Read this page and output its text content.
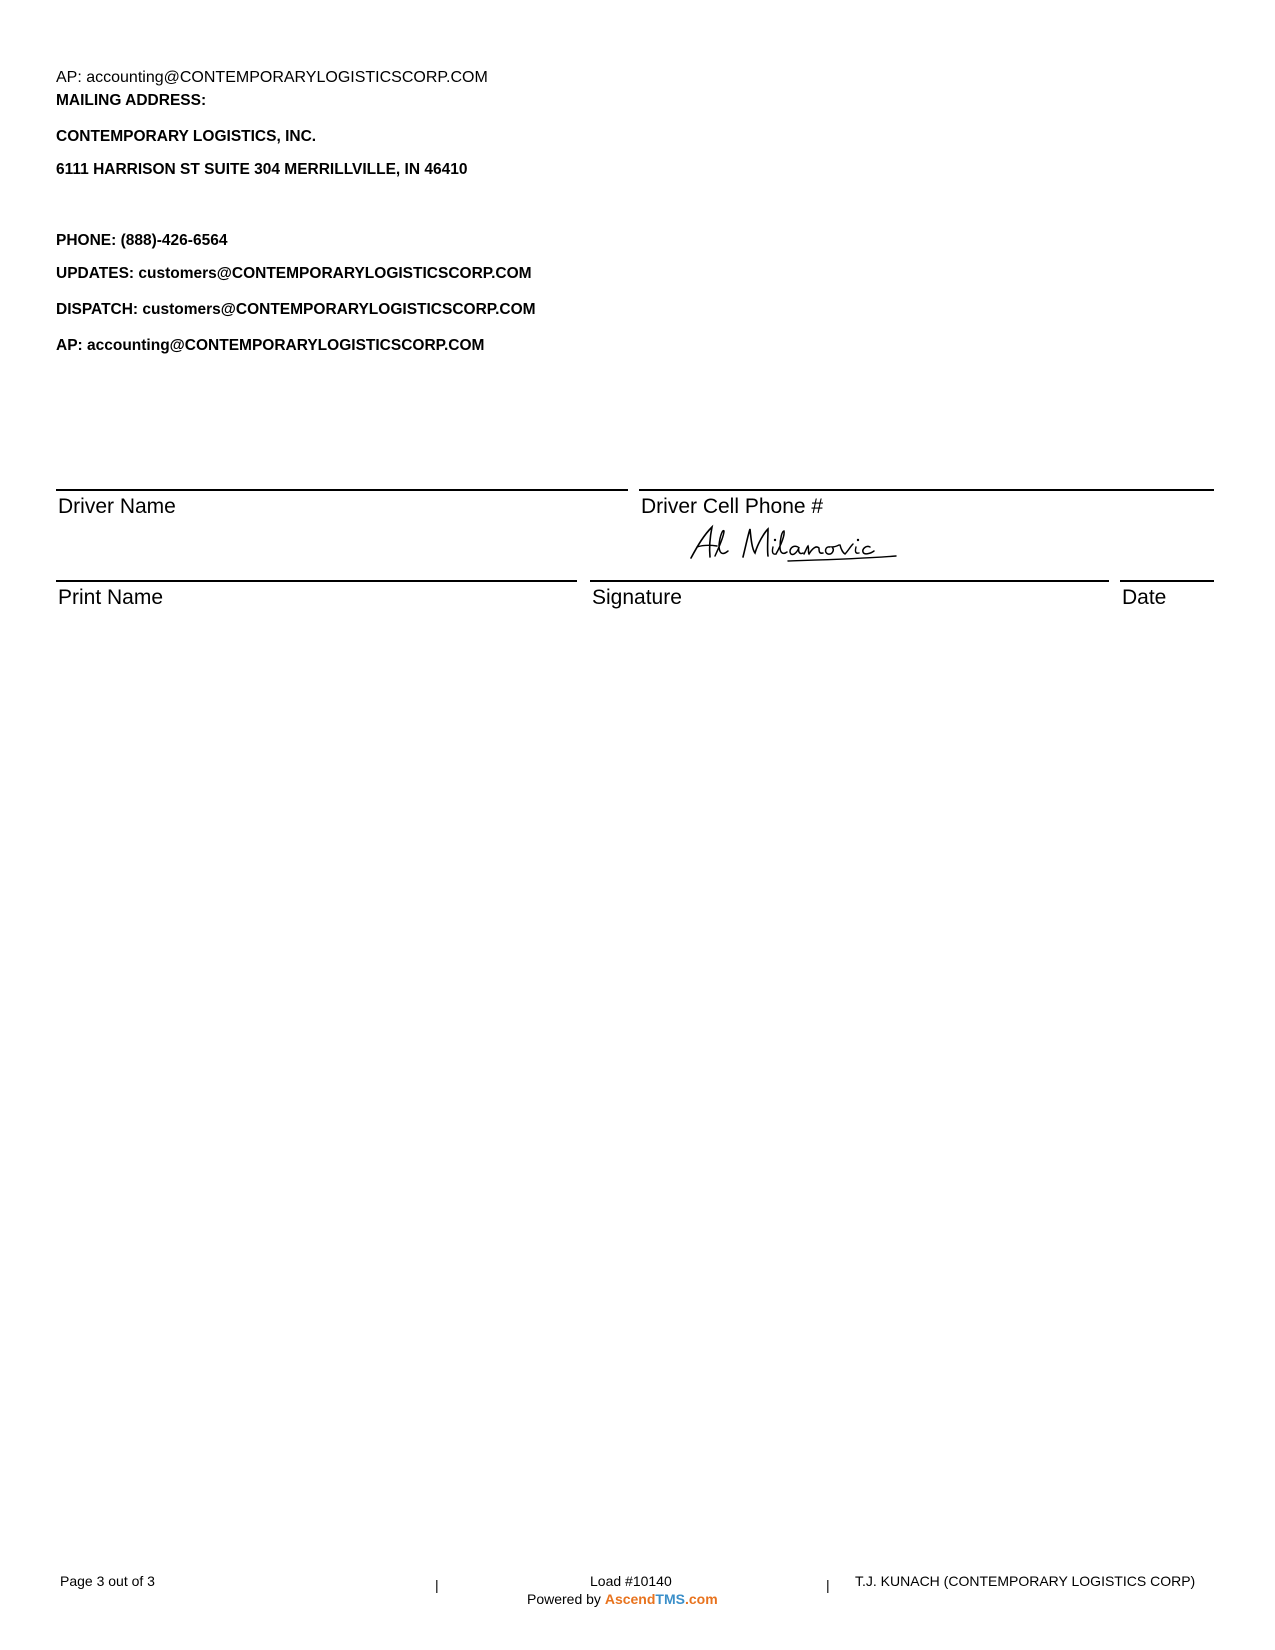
AP: accounting@CONTEMPORARYLOGISTICSCORP.COM
MAILING ADDRESS:
CONTEMPORARY LOGISTICS, INC.
6111 HARRISON ST SUITE 304 MERRILLVILLE, IN 46410
PHONE: (888)-426-6564
UPDATES: customers@CONTEMPORARYLOGISTICSCORP.COM
DISPATCH: customers@CONTEMPORARYLOGISTICSCORP.COM
AP: accounting@CONTEMPORARYLOGISTICSCORP.COM
Driver Name	Driver Cell Phone #
Print Name	Signature	Date
Page 3 out of 3	|	Load #10140	| T.J. KUNACH (CONTEMPORARY LOGISTICS CORP)
Powered by AscendTMS.com
